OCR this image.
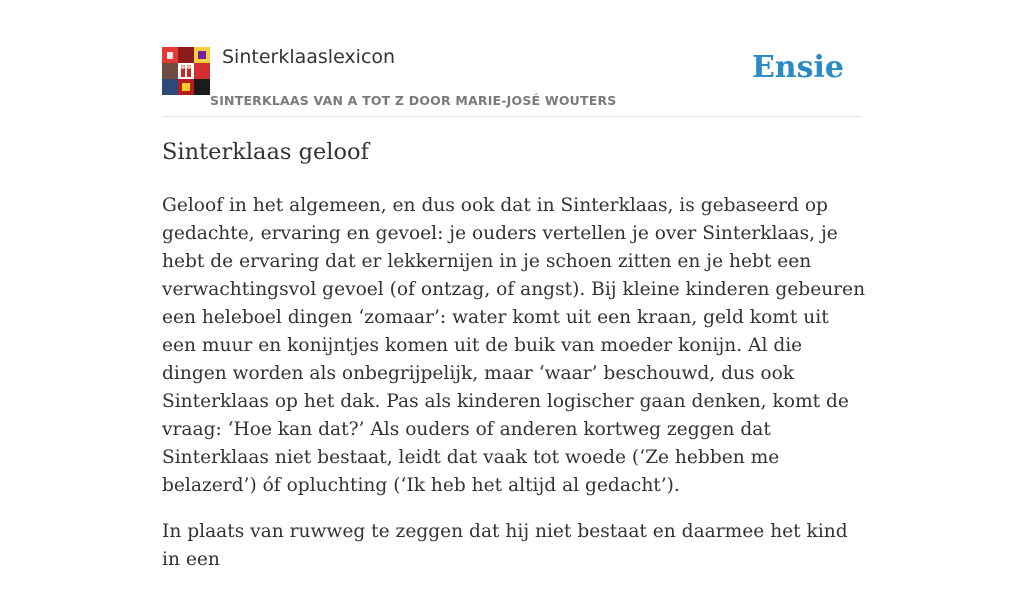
Sinterklaaslexicon
SINTERKLAAS VAN A TOT Z DOOR MARIE-JOSÉ WOUTERS
Ensie
Sinterklaas geloof

Geloof in het algemeen, en dus ook dat in Sinterklaas, is gebaseerd op gedachte, ervaring en gevoel: je ouders vertellen je over Sinterklaas, je hebt de ervaring dat er lekkernijen in je schoen zitten en je hebt een verwachtingsvol gevoel (of ontzag, of angst). Bij kleine kinderen gebeuren een heleboel dingen ‘zomaar’: water komt uit een kraan, geld komt uit een muur en konijntjes komen uit de buik van moeder konijn. Al die dingen worden als onbegrijpelijk, maar ‘waar’ beschouwd, dus ook Sinterklaas op het dak. Pas als kinderen logischer gaan denken, komt de vraag: ‘Hoe kan dat?’ Als ouders of anderen kortweg zeggen dat Sinterklaas niet bestaat, leidt dat vaak tot woede (‘Ze hebben me belazerd’) óf opluchting (‘Ik heb het altijd al gedacht’).

In plaats van ruwweg te zeggen dat hij niet bestaat en daarmee het kind in een
